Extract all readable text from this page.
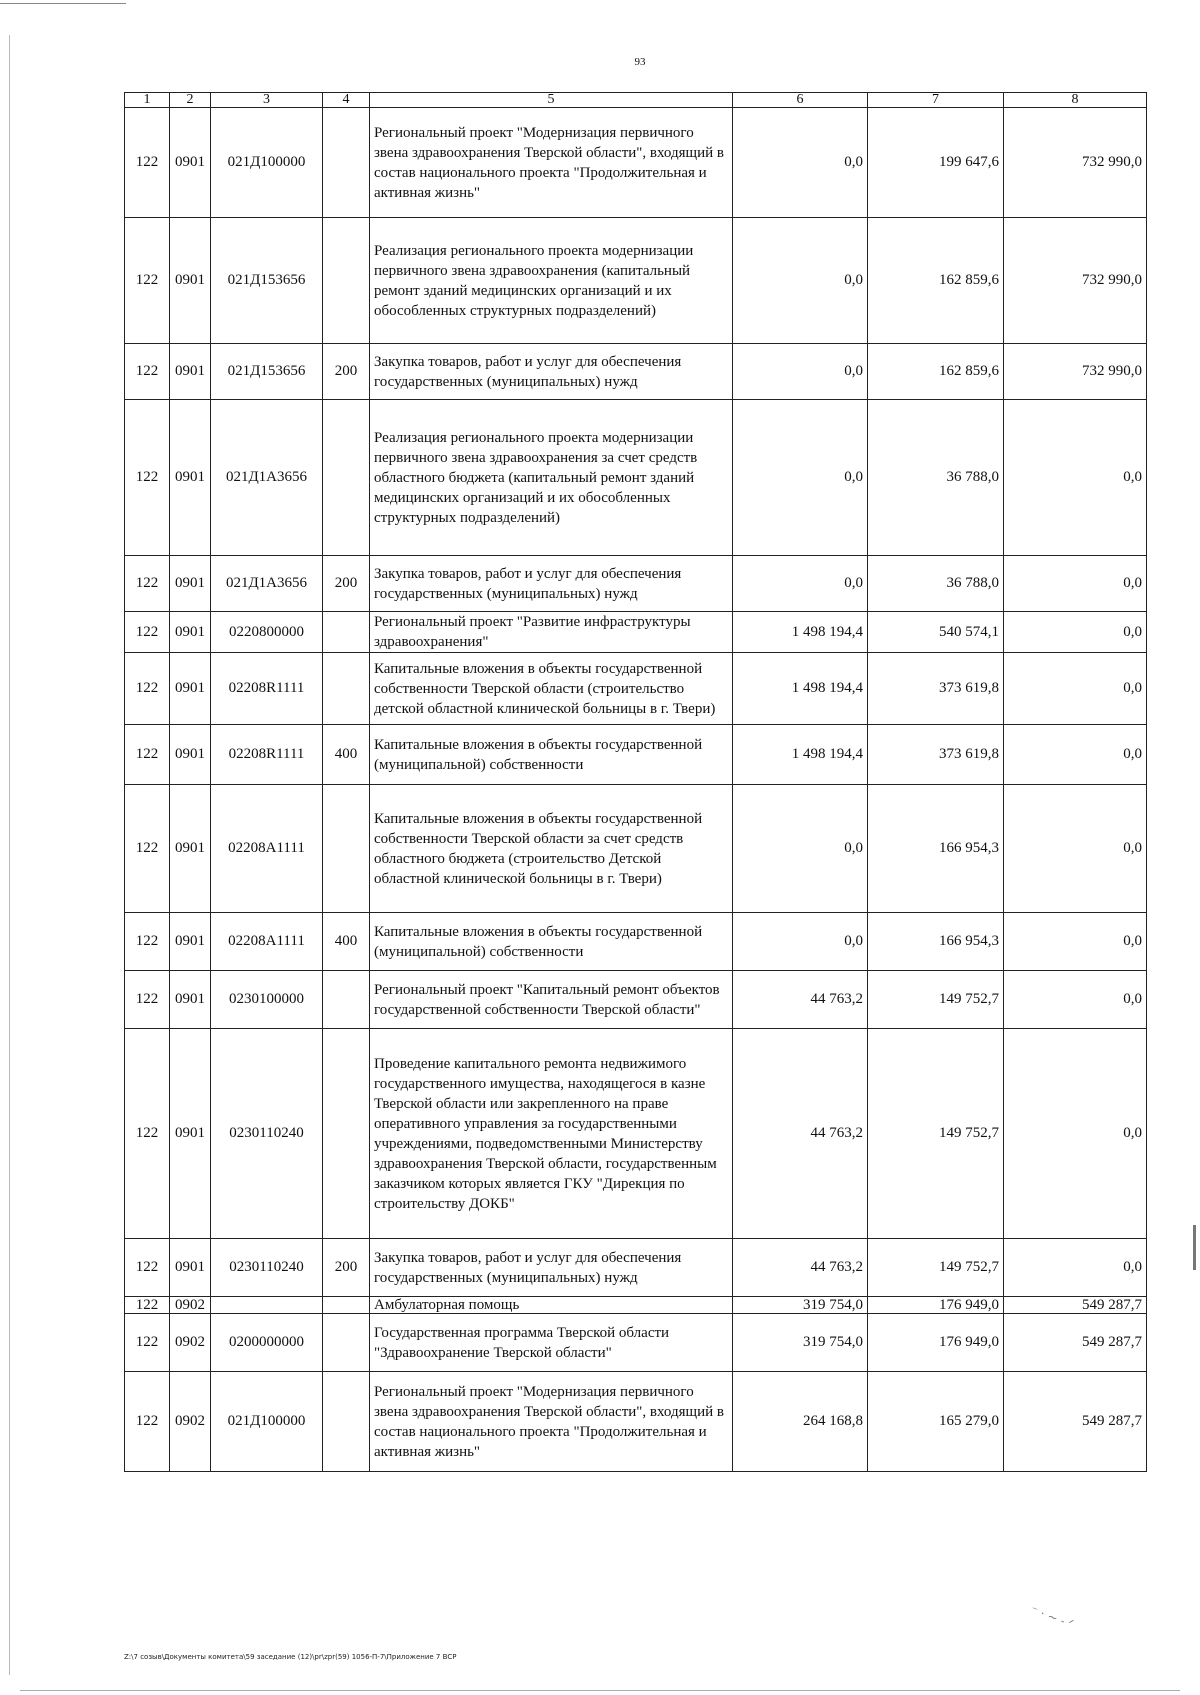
⁻ · ~ ˗ ᐟ
93
1	2	3	4	5	6	7	8
122	0901	021Д100000		Региональный проект "Модернизация первичного звена здравоохранения Тверской области", входящий в состав национального проекта "Продолжительная и активная жизнь"	0,0	199 647,6	732 990,0
122	0901	021Д153656		Реализация регионального проекта модернизации первичного звена здравоохранения (капитальный ремонт зданий медицинских организаций и их обособленных структурных подразделений)	0,0	162 859,6	732 990,0
122	0901	021Д153656	200	Закупка товаров, работ и услуг для обеспечения государственных (муниципальных) нужд	0,0	162 859,6	732 990,0
122	0901	021Д1А3656		Реализация регионального проекта модернизации первичного звена здравоохранения за счет средств областного бюджета (капитальный ремонт зданий медицинских организаций и их обособленных структурных подразделений)	0,0	36 788,0	0,0
122	0901	021Д1А3656	200	Закупка товаров, работ и услуг для обеспечения государственных (муниципальных) нужд	0,0	36 788,0	0,0
122	0901	0220800000		Региональный проект "Развитие инфраструктуры здравоохранения"	1 498 194,4	540 574,1	0,0
122	0901	02208R1111		Капитальные вложения в объекты государственной собственности Тверской области (строительство детской областной клинической больницы в г. Твери)	1 498 194,4	373 619,8	0,0
122	0901	02208R1111	400	Капитальные вложения в объекты государственной (муниципальной) собственности	1 498 194,4	373 619,8	0,0
122	0901	02208А1111		Капитальные вложения в объекты государственной собственности Тверской области за счет средств областного бюджета (строительство Детской областной клинической больницы в г. Твери)	0,0	166 954,3	0,0
122	0901	02208А1111	400	Капитальные вложения в объекты государственной (муниципальной) собственности	0,0	166 954,3	0,0
122	0901	0230100000		Региональный проект "Капитальный ремонт объектов государственной собственности Тверской области"	44 763,2	149 752,7	0,0
122	0901	0230110240		Проведение капитального ремонта недвижимого государственного имущества, находящегося в казне Тверской области или закрепленного на праве оперативного управления за государственными учреждениями, подведомственными Министерству здравоохранения Тверской области, государственным заказчиком которых является ГКУ "Дирекция по строительству ДОКБ"	44 763,2	149 752,7	0,0
122	0901	0230110240	200	Закупка товаров, работ и услуг для обеспечения государственных (муниципальных) нужд	44 763,2	149 752,7	0,0
122	0902			Амбулаторная помощь	319 754,0	176 949,0	549 287,7
122	0902	0200000000		Государственная программа Тверской области "Здравоохранение Тверской области"	319 754,0	176 949,0	549 287,7
122	0902	021Д100000		Региональный проект "Модернизация первичного звена здравоохранения Тверской области", входящий в состав национального проекта "Продолжительная и активная жизнь"	264 168,8	165 279,0	549 287,7
Z:\7 созыв\Документы комитета\59 заседание (12)\pr\zpr(59) 1056-П-7\Приложение 7 ВСР
